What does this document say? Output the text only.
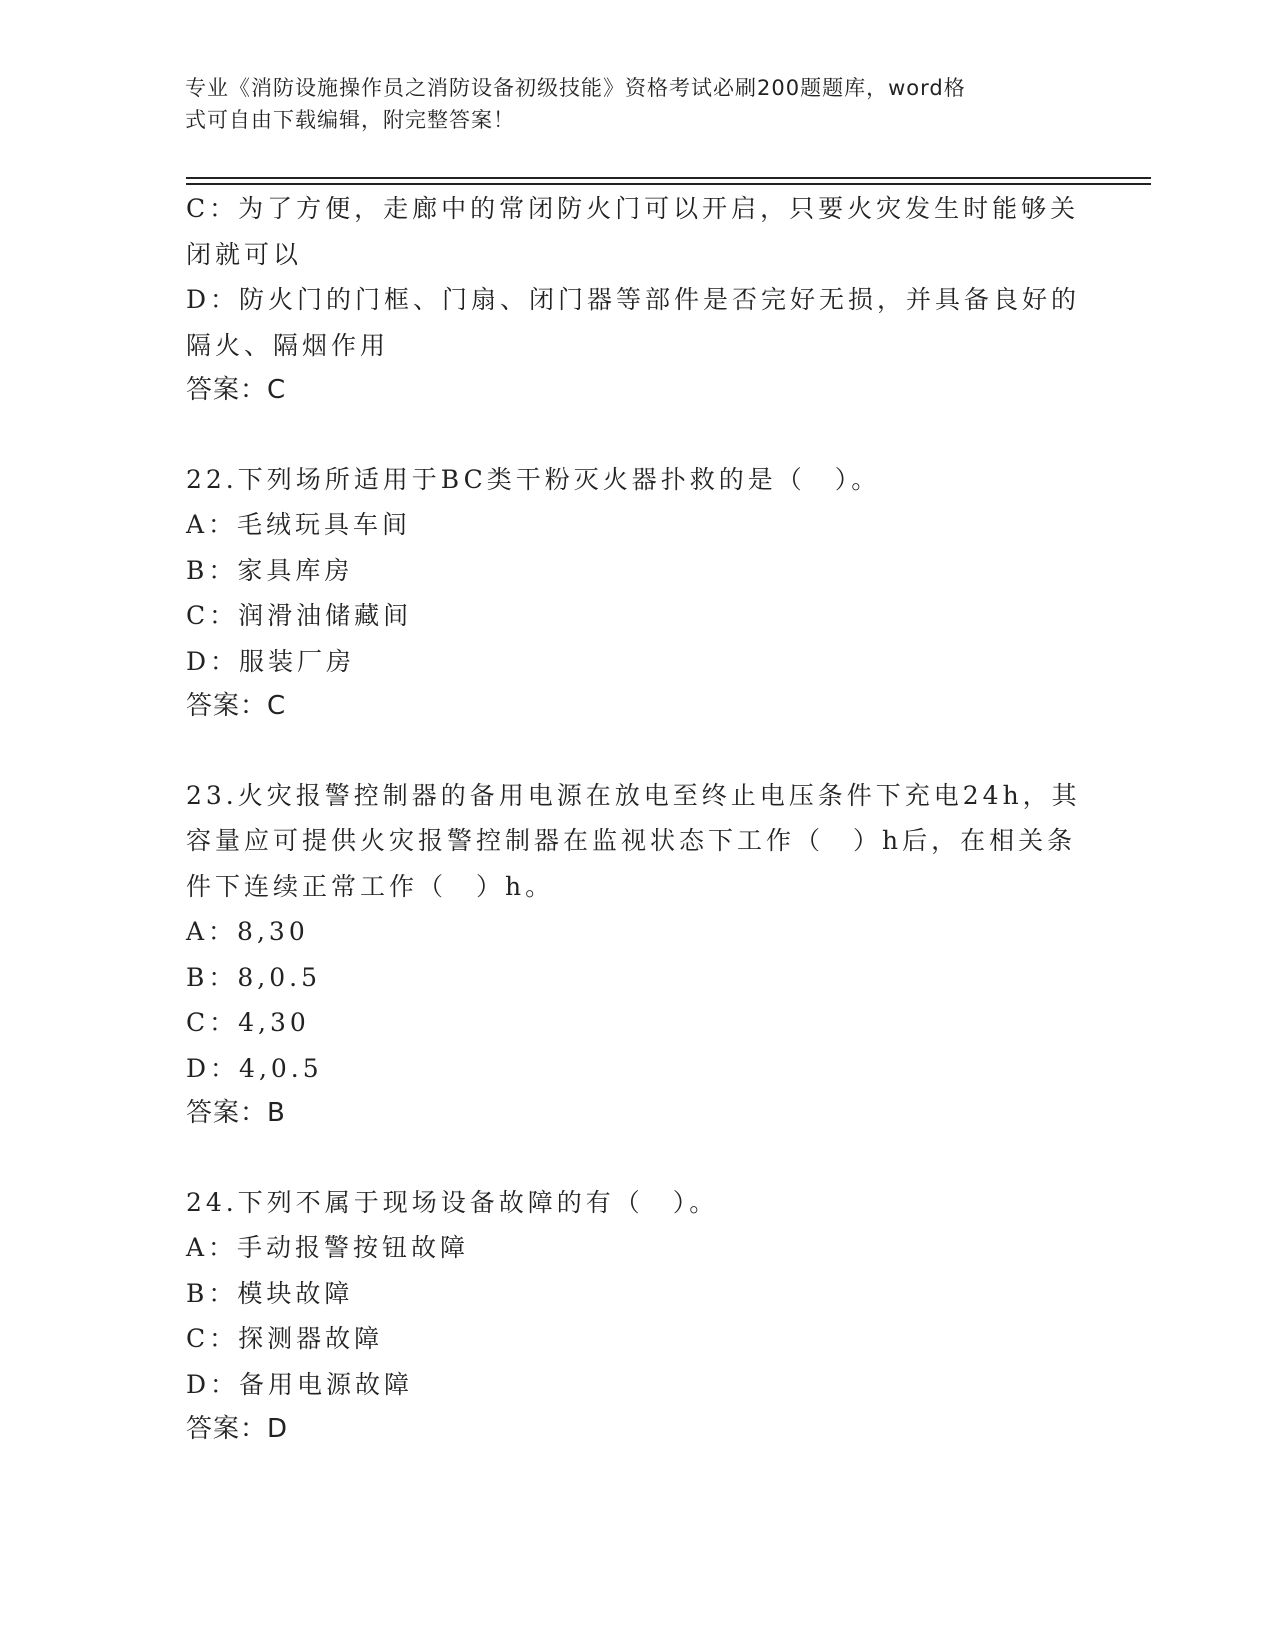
专业《消防设施操作员之消防设备初级技能》资格考试必刷200题题库，word格
式可自由下载编辑，附完整答案！
C：为了方便，走廊中的常闭防火门可以开启，只要火灾发生时能够关
闭就可以
D：防火门的门框、门扇、闭门器等部件是否完好无损，并具备良好的
隔火、隔烟作用
答案：C
22.下列场所适用于BC类干粉灭火器扑救的是（　）。
A：毛绒玩具车间
B：家具库房
C：润滑油储藏间
D：服装厂房
答案：C
23.火灾报警控制器的备用电源在放电至终止电压条件下充电24h，其
容量应可提供火灾报警控制器在监视状态下工作（　）h后，在相关条
件下连续正常工作（　）h。
A：8,30
B：8,0.5
C：4,30
D：4,0.5
答案：B
24.下列不属于现场设备故障的有（　）。
A：手动报警按钮故障
B：模块故障
C：探测器故障
D：备用电源故障
答案：D
